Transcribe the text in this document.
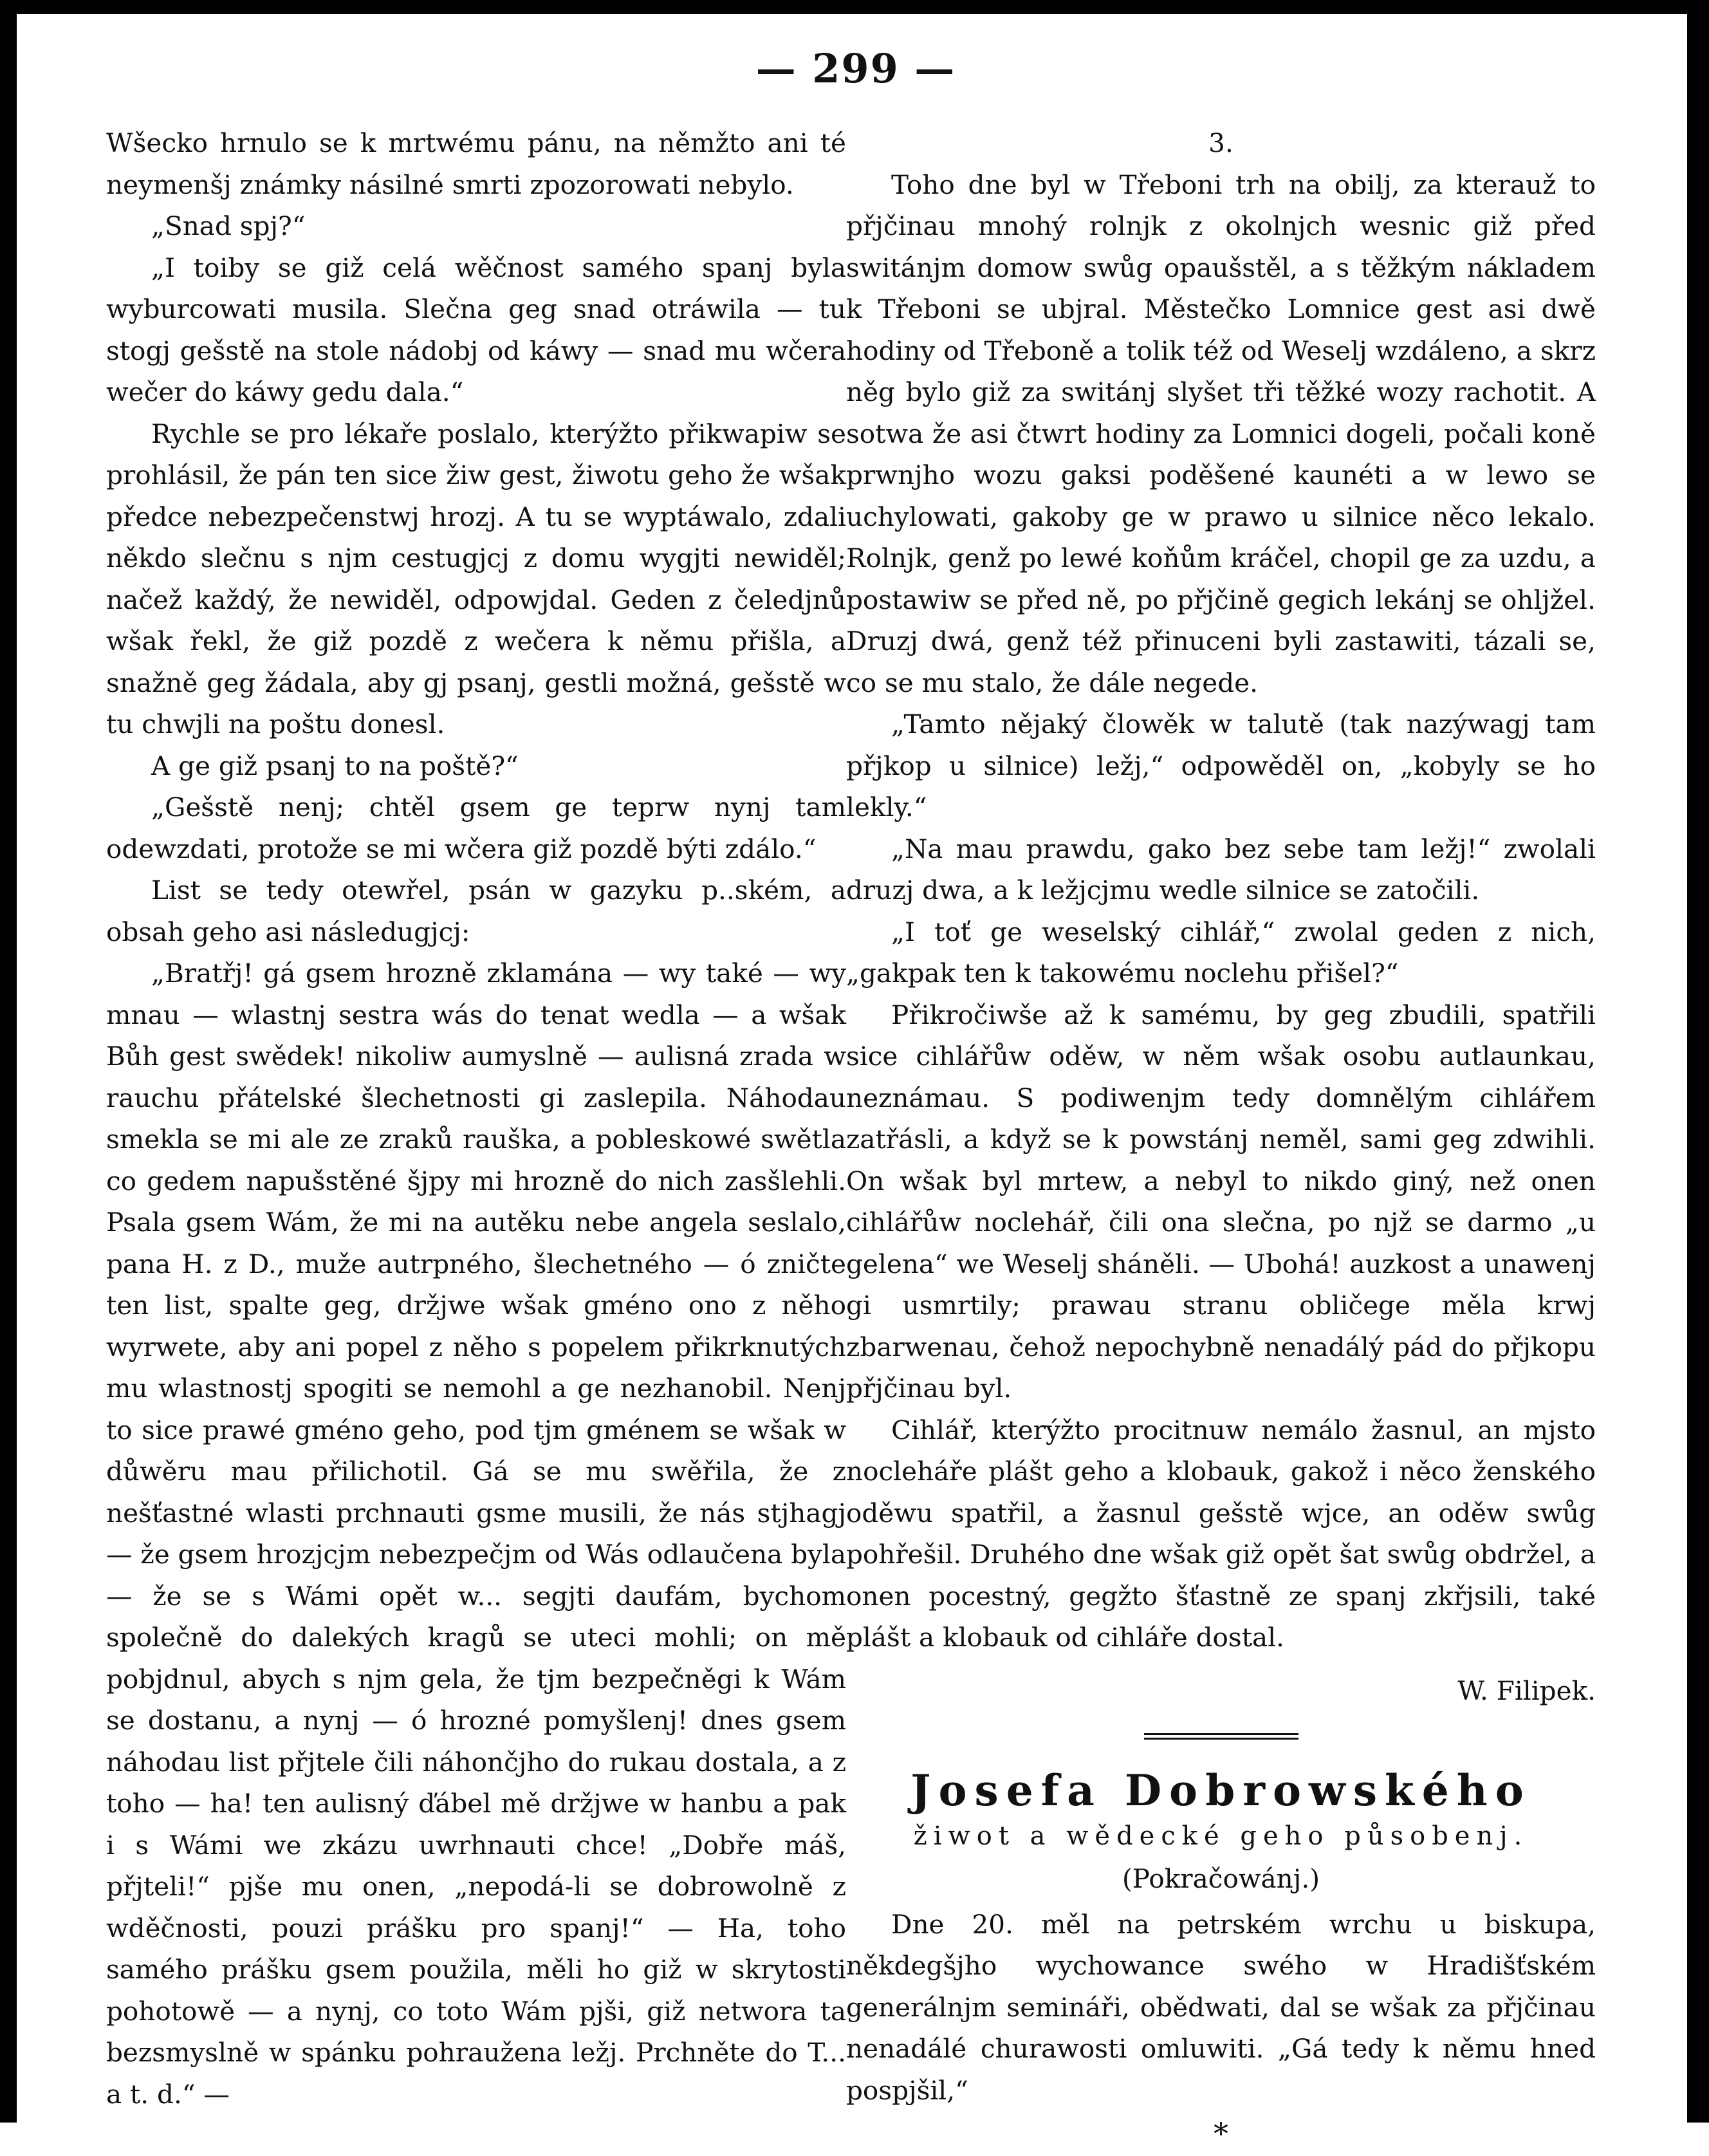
— 299 —

Wšecko hrnulo se k mrtwému pánu, na němžto ani té neymenšj známky násilné smrti zpozorowati nebylo.

„Snad spj?“

„I toiby se giž celá wěčnost samého spanj byla wyburcowati musila. Slečna geg snad otráwila — tu stogj gešstě na stole nádobj od káwy — snad mu wčera wečer do káwy gedu dala.“

Rychle se pro lékaře poslalo, kterýžto přikwapiw se prohlásil, že pán ten sice žiw gest, žiwotu geho že wšak předce nebezpečenstwj hrozj. A tu se wyptáwalo, zdali někdo slečnu s njm cestugjcj z domu wygjti newiděl; načež každý, že newiděl, odpowjdal. Geden z čeledjnů wšak řekl, že giž pozdě z wečera k němu přišla, a snažně geg žádala, aby gj psanj, gestli možná, gešstě w tu chwjli na poštu donesl.

A ge giž psanj to na poště?“

„Gešstě nenj; chtěl gsem ge teprw nynj tam odewzdati, protože se mi wčera giž pozdě býti zdálo.“

List se tedy otewřel, psán w gazyku p..ském, a obsah geho asi následugjcj:

„Bratřj! gá gsem hrozně zklamána — wy také — wy mnau — wlastnj sestra wás do tenat wedla — a wšak Bůh gest swědek! nikoliw aumyslně — aulisná zrada w rauchu přátelské šlechetnosti gi zaslepila. Náhodau smekla se mi ale ze zraků rauška, a pobleskowé swětla co gedem napušstěné šjpy mi hrozně do nich zasšlehli. Psala gsem Wám, že mi na autěku nebe angela seslalo, pana H. z D., muže autrpného, šlechetného — ó zničte ten list, spalte geg, držjwe wšak gméno ono z něho wyrwete, aby ani popel z něho s popelem přikrknutých mu wlastnostj spogiti se nemohl a ge nezhanobil. Nenj to sice prawé gméno geho, pod tjm gménem se wšak w důwěru mau přilichotil. Gá se mu swěřila, že z nešťastné wlasti prchnauti gsme musili, že nás stjhagj — že gsem hrozjcjm nebezpečjm od Wás odlaučena byla — že se s Wámi opět w... segjti daufám, bychom společně do dalekých kragů se uteci mohli; on mě pobjdnul, abych s njm gela, že tjm bezpečněgi k Wám se dostanu, a nynj — ó hrozné pomyšlenj! dnes gsem náhodau list přjtele čili náhončjho do rukau dostala, a z toho — ha! ten aulisný ďábel mě držjwe w hanbu a pak i s Wámi we zkázu uwrhnauti chce! „Dobře máš, přjteli!“ pjše mu onen, „nepodá-li se dobrowolně z wděčnosti, pouzi prášku pro spanj!“ — Ha, toho samého prášku gsem použila, měli ho giž w skrytosti pohotowě — a nynj, co toto Wám pjši, giž networa ta bezsmyslně w spánku pohraužena ležj. Prchněte do T... a t. d.“ —

3.

Toho dne byl w Třeboni trh na obilj, za kterauž to přjčinau mnohý rolnjk z okolnjch wesnic giž před switánjm domow swůg opaušstěl, a s těžkým nákladem k Třeboni se ubjral. Městečko Lomnice gest asi dwě hodiny od Třeboně a tolik též od Weselj wzdáleno, a skrz něg bylo giž za switánj slyšet tři těžké wozy rachotit. A sotwa že asi čtwrt hodiny za Lomnici dogeli, počali koně prwnjho wozu gaksi poděšené kaunéti a w lewo se uchylowati, gakoby ge w prawo u silnice něco lekalo. Rolnjk, genž po lewé koňům kráčel, chopil ge za uzdu, a postawiw se před ně, po přjčině gegich lekánj se ohljžel. Druzj dwá, genž též přinuceni byli zastawiti, tázali se, co se mu stalo, že dále negede.

„Tamto nějaký člowěk w talutě (tak nazýwagj tam přjkop u silnice) ležj,“ odpowěděl on, „kobyly se ho lekly.“

„Na mau prawdu, gako bez sebe tam ležj!“ zwolali druzj dwa, a k ležjcjmu wedle silnice se zatočili.

„I toť ge weselský cihlář,“ zwolal geden z nich, „gakpak ten k takowému noclehu přišel?“

Přikročiwše až k samému, by geg zbudili, spatřili sice cihlářůw oděw, w něm wšak osobu autlaunkau, neznámau. S podiwenjm tedy domnělým cihlářem zatřásli, a když se k powstánj neměl, sami geg zdwihli. On wšak byl mrtew, a nebyl to nikdo giný, než onen cihlářůw noclehář, čili ona slečna, po njž se darmo „u gelena“ we Weselj sháněli. — Ubohá! auzkost a unawenj gi usmrtily; prawau stranu obličege měla krwj zbarwenau, čehož nepochybně nenadálý pád do přjkopu přjčinau byl.

Cihlář, kterýžto procitnuw nemálo žasnul, an mjsto nocleháře plášt geho a klobauk, gakož i něco ženského oděwu spatřil, a žasnul gešstě wjce, an oděw swůg pohřešil. Druhého dne wšak giž opět šat swůg obdržel, a onen pocestný, gegžto šťastně ze spanj zkřjsili, také plášt a klobauk od cihláře dostal.

W. Filipek.

Josefa Dobrowského

žiwot a wědecké geho působenj.

(Pokračowánj.)

Dne 20. měl na petrském wrchu u biskupa, někdegšjho wychowance swého w Hradišťském generálnjm semináři, obědwati, dal se wšak za přjčinau nenadálé churawosti omluwiti. „Gá tedy k němu hned pospjšil,“

*
